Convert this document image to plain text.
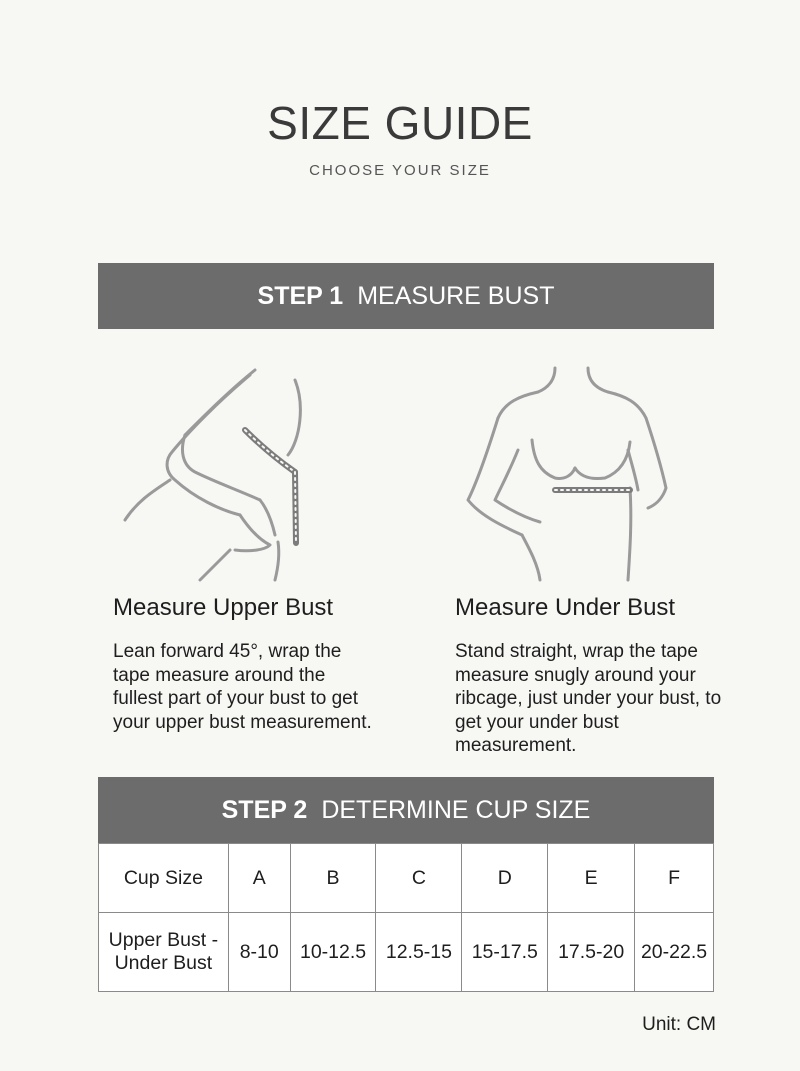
SIZE GUIDE
CHOOSE YOUR SIZE
STEP 1 MEASURE BUST
Measure Upper Bust
Lean forward 45°, wrap the tape measure around the fullest part of your bust to get your upper bust measurement.
Measure Under Bust
Stand straight, wrap the tape measure snugly around your ribcage, just under your bust, to get your under bust measurement.
STEP 2 DETERMINE CUP SIZE
Cup Size	A	B	C	D	E	F
Upper Bust -
Under Bust	8-10	10-12.5	12.5-15	15-17.5	17.5-20	20-22.5
Unit: CM
